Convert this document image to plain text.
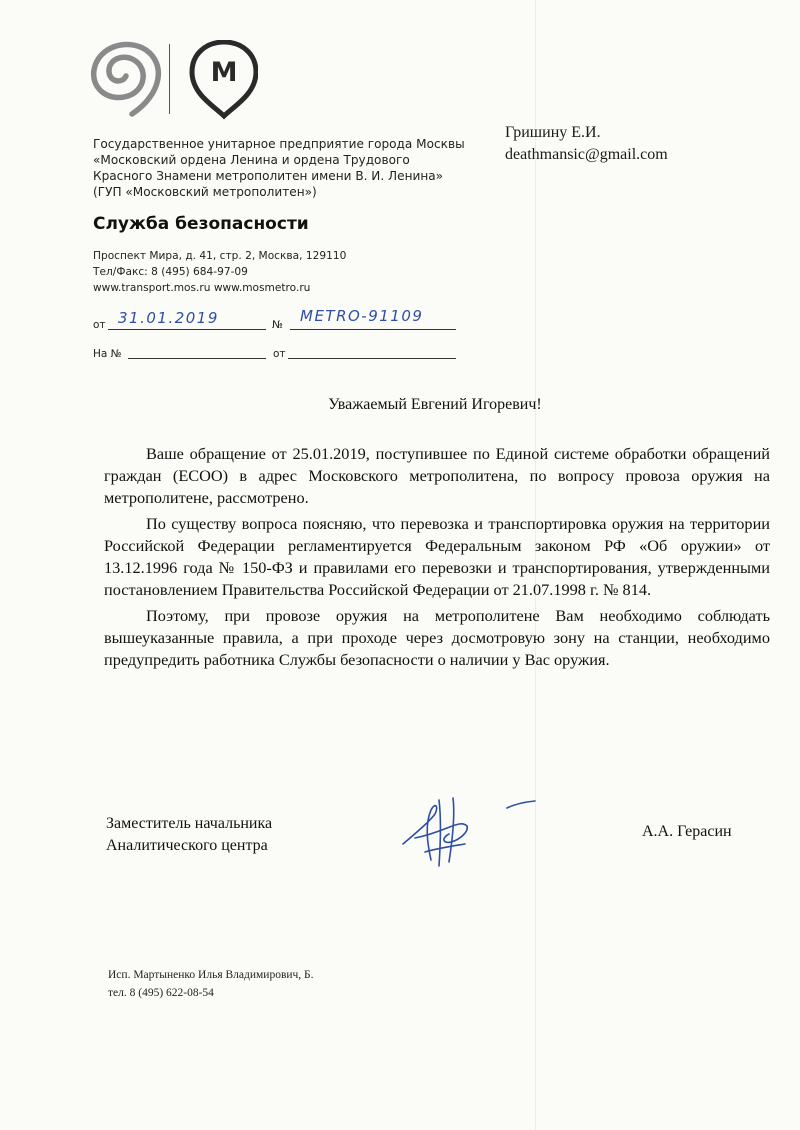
M
Государственное унитарное предприятие города Москвы
«Московский ордена Ленина и ордена Трудового
Красного Знамени метрополитен имени В. И. Ленина»
(ГУП «Московский метрополитен»)
Служба безопасности
Проспект Мира, д. 41, стр. 2, Москва, 129110
Тел/Факс: 8 (495) 684-97-09
www.transport.mos.ru www.mosmetro.ru
от 31.01.2019	№ METRO-91109
На №	от
Гришину Е.И.
deathmansic@gmail.com
Уважаемый Евгений Игоревич!

Ваше обращение от 25.01.2019, поступившее по Единой системе обработки обращений граждан (ЕСОО) в адрес Московского метрополитена, по вопросу провоза оружия на метрополитене, рассмотрено.

По существу вопроса поясняю, что перевозка и транспортировка оружия на территории Российской Федерации регламентируется Федеральным законом РФ «Об оружии» от 13.12.1996 года № 150-ФЗ и правилами его перевозки и транспортирования, утвержденными постановлением Правительства Российской Федерации от 21.07.1998 г. № 814.

Поэтому, при провозе оружия на метрополитене Вам необходимо соблюдать вышеуказанные правила, а при проходе через досмотровую зону на станции, необходимо предупредить работника Службы безопасности о наличии у Вас оружия.

Заместитель начальника
Аналитического центра
А.А. Герасин
Исп. Мартыненко Илья Владимирович, Б.
тел. 8 (495) 622-08-54
